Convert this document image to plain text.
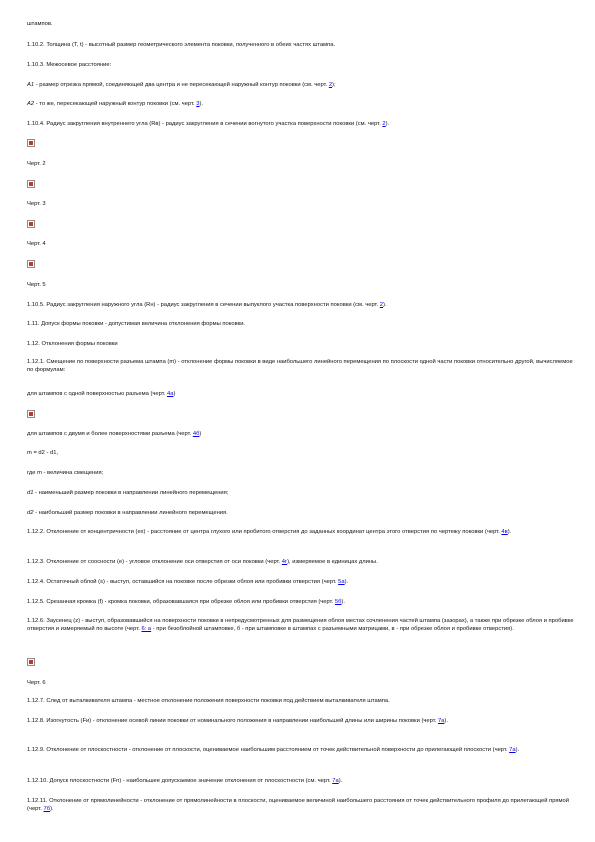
штампов.

1.10.2. Толщина (Т, t) - высотный размер геометрического элемента поковки, полученного в обеих частях штампа.

1.10.3. Межосевое расстояние:

А1 - размер отрезка прямой, соединяющей два центра и не пересекающей наружный контур поковки (см. черт. 2);

А2 - то же, пересекающей наружный контур поковки (см. черт. 3).

1.10.4. Радиус закругления внутреннего угла (Rв) - радиус закругления в сечении вогнутого участка поверхности поковки (см. черт. 2).

Черт. 2

Черт. 3

Черт. 4

Черт. 5

1.10.5. Радиус закругления наружного угла (Rн) - радиус закругления в сечении выпуклого участка поверхности поковки (см. черт. 2).

1.11. Допуск формы поковки - допустимая величина отклонения формы поковки.

1.12. Отклонения формы поковки

1.12.1. Смещение по поверхности разъема штампа (m) - отклонение формы поковки в виде наибольшего линейного перемещения по плоскости одной части поковки относительно другой, вычисляемое по формулам:

для штампов с одной поверхностью разъема (черт. 4а)

для штампов с двумя и более поверхностями разъема (черт. 4б)

m = d2 - d1,

где m - величина смещения;

d1 - наименьший размер поковки в направлении линейного перемещения;

d2 - наибольший размер поковки в направлении линейного перемещения.

1.12.2. Отклонение от концентричности (ex) - расстояние от центра глухого или пробитого отверстия до заданных координат центра этого отверстия по чертежу поковки (черт. 4в).

1.12.3. Отклонение от соосности (e) - угловое отклонение оси отверстия от оси поковки (черт. 4г), измеряемое в единицах длины.

1.12.4. Остаточный облой (s) - выступ, оставшийся на поковке после обрезки облоя или пробивки отверстия (черт. 5а).

1.12.5. Срезанная кромка (f) - кромка поковки, образовавшаяся при обрезке облоя или пробивки отверстия (черт. 5б).

1.12.6. Заусенец (z) - выступ, образовавшийся на поверхности поковки в непредусмотренных для размещения облоя местах сочленения частей штампа (зазорах), а также при обрезке облоя и пробивке отверстия и измеряемый по высоте (черт. 6: а - при безоблойной штамповке, б - при штамповке в штампах с разъемными матрицами, в - при обрезке облоя и пробивке отверстия).

Черт. 6

1.12.7. След от выталкивателя штампа - местное отклонение положения поверхности поковки под действием выталкивателя штампа.

1.12.8. Изогнутость (Fи) - отклонение осевой линии поковки от номинального положения в направлении наибольшей длины или ширины поковки (черт. 7а).

1.12.9. Отклонение от плоскостности - отклонение от плоскости, оцениваемое наибольшим расстоянием от точек действительной поверхности до прилегающей плоскости (черт. 7а).

1.12.10. Допуск плоскостности (Fп) - наибольшее допускаемое значение отклонения от плоскостности (см. черт. 7а).

1.12.11. Отклонение от прямолинейности - отклонение от прямолинейности в плоскости, оцениваемое величиной наибольшего расстояния от точек действительного профиля до прилегающей прямой (черт. 7б).
